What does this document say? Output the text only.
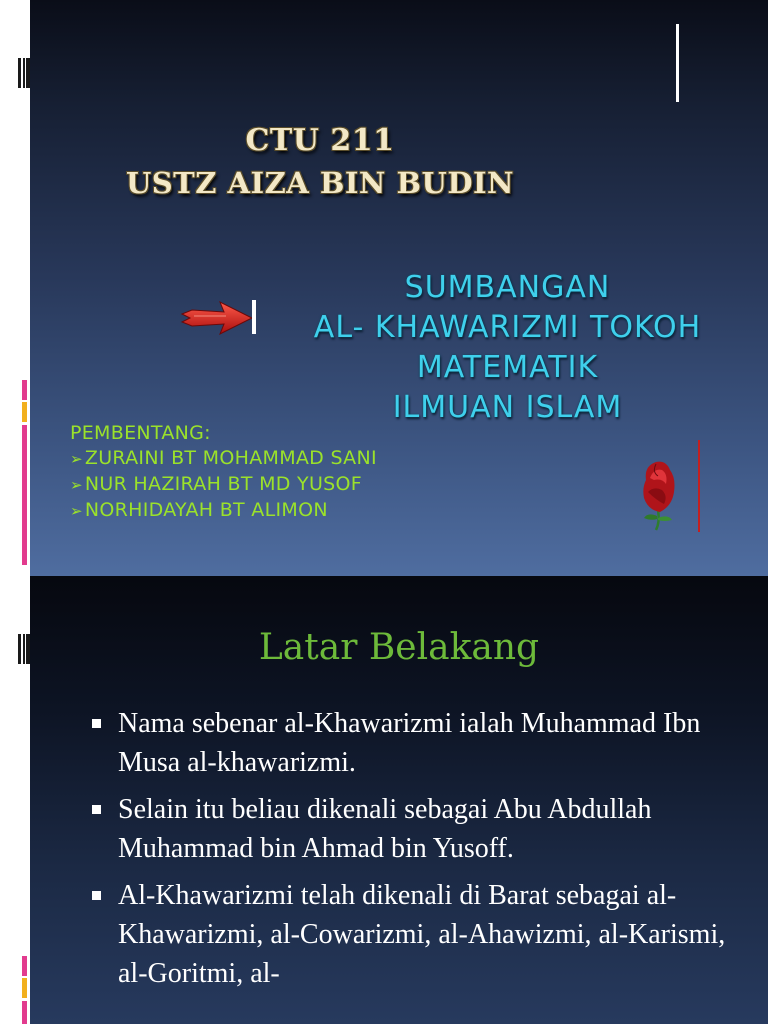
CTU 211
USTZ AIZA BIN BUDIN
SUMBANGAN
AL- KHAWARIZMI TOKOH
MATEMATIK
ILMUAN ISLAM
PEMBENTANG:
➢ ZURAINI BT MOHAMMAD SANI
➢ NUR HAZIRAH BT MD YUSOF
➢ NORHIDAYAH BT ALIMON
Latar Belakang
Nama sebenar al-Khawarizmi ialah Muhammad Ibn Musa al-khawarizmi.
Selain itu beliau dikenali sebagai Abu Abdullah Muhammad bin Ahmad bin Yusoff.
Al-Khawarizmi telah dikenali di Barat sebagai al-Khawarizmi, al-Cowarizmi, al-Ahawizmi, al-Karismi, al-Goritmi, al-
